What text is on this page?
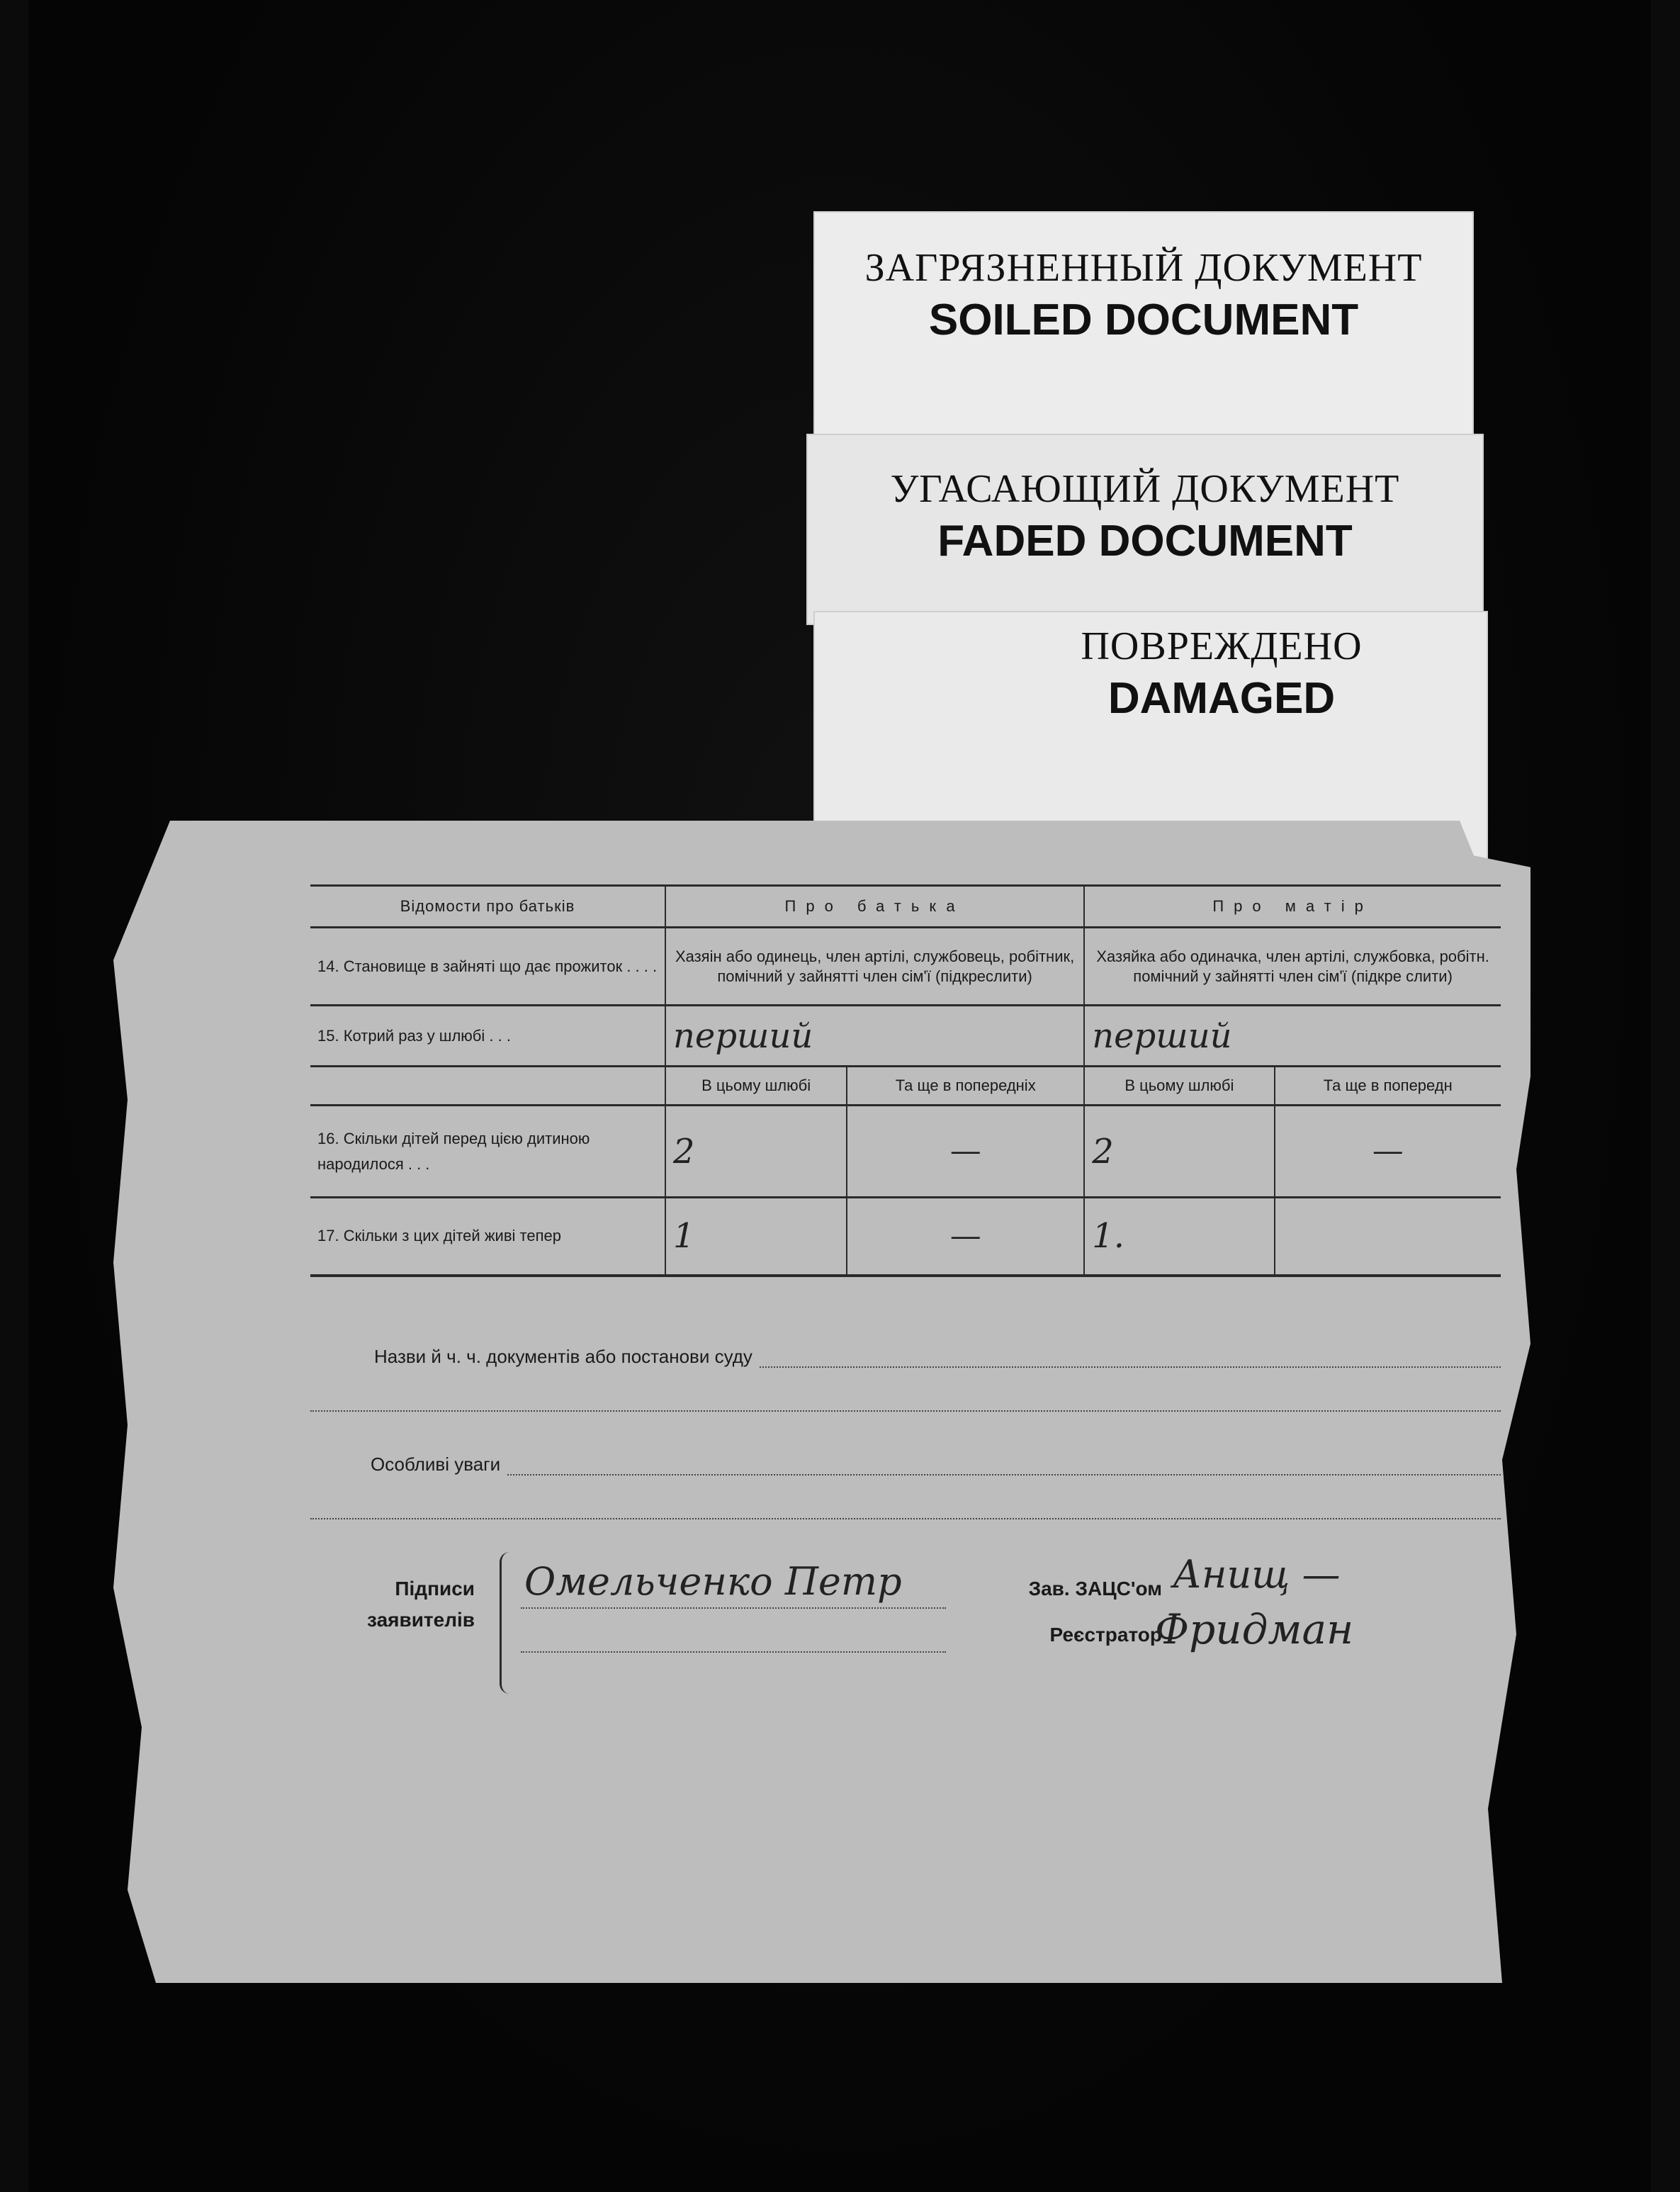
ЗАГРЯЗНЕННЫЙ ДОКУМЕНТ
SOILED DOCUMENT
УГАСАЮЩИЙ ДОКУМЕНТ
FADED DOCUMENT
ПОВРЕЖДЕНО
DAMAGED
Відомости про батьків	Про батька		Про матір	
14. Становище в зайняті що дає прожиток . . . .	Хазяін або одинець, член артілі, службовець, робітник, помічний у зайнятті член сім'ї (підкреслити)		Хазяйка або одиначка, член артілі, службовка, робітн. помічний у зайнятті член сім'ї (підкре слити)	
15. Котрий раз у шлюбі . . .	перший		перший	
	В цьому шлюбі	Та ще в попередніх	В цьому шлюбі	Та ще в попередн
16. Скільки дітей перед цією дитиною народилося . . .	2	—	2	—
17. Скільки з цих дітей живі тепер	1	—	1.	
Назви й ч. ч. документів або постанови суду
Особливі уваги
Підписи
заявителів
Омельченко Петр	Зав. ЗАЦС'ом Анищ —
Реєстратор
Фридман
